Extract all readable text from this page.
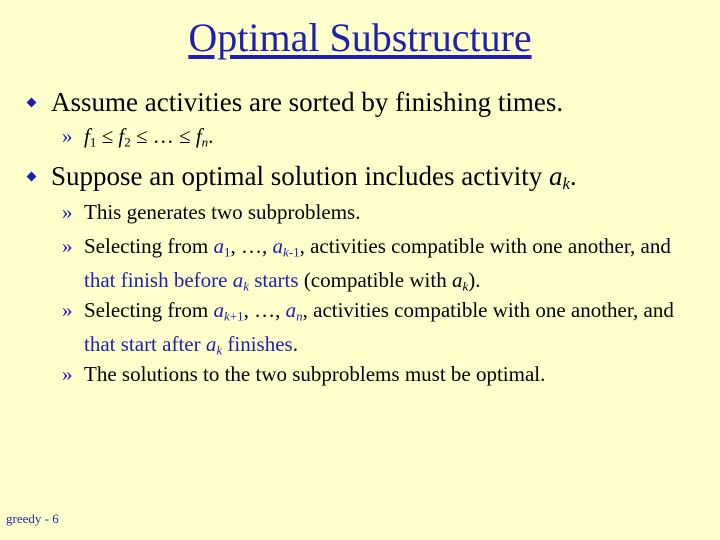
Optimal Substructure
Assume activities are sorted by finishing times.
» $f_1 \le f_2$ ≤ … ≤ $f_n$.
Suppose an optimal solution includes activity $a_k$.
» This generates two subproblems.
» Selecting from $a_1$, …, $a_{k-1}$, activities compatible with one another, and that finish before $a_k$ starts (compatible with $a_k$).
» Selecting from $a_{k+1}$, …, $a_n$, activities compatible with one another, and that start after $a_k$ finishes.
» The solutions to the two subproblems must be optimal.
greedy - 6
